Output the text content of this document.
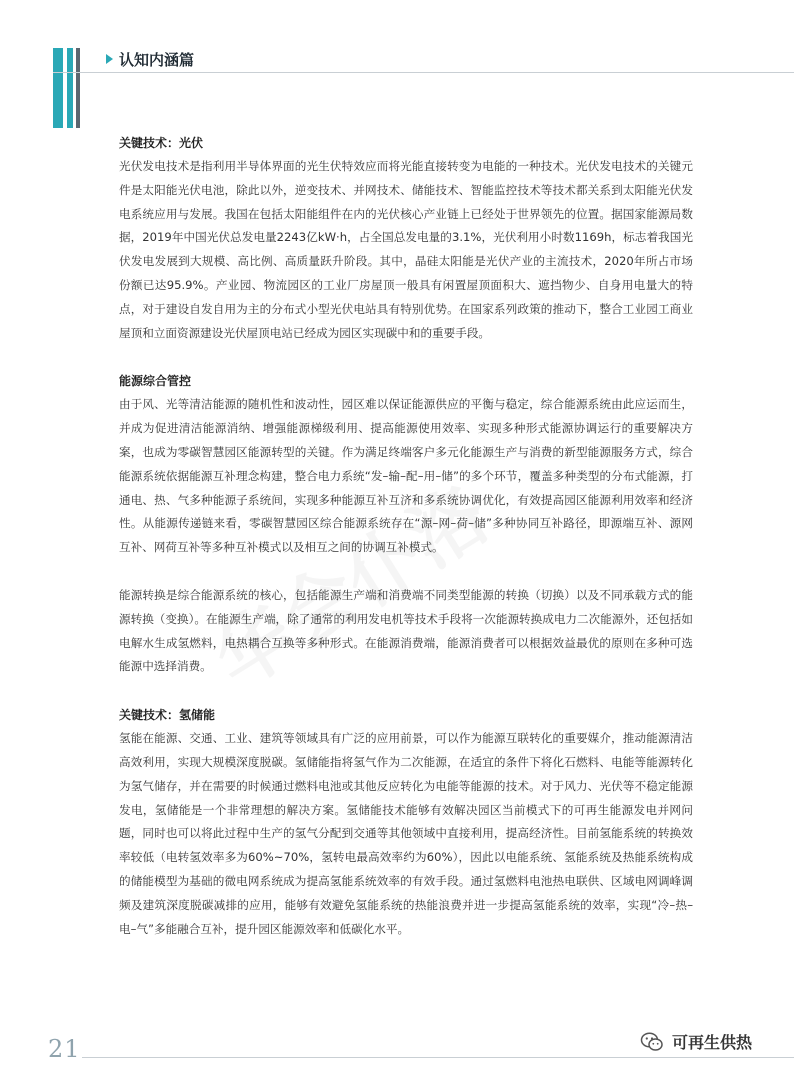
认知内涵篇
关键技术：光伏

光伏发电技术是指利用半导体界面的光生伏特效应而将光能直接转变为电能的一种技术。光伏发电技术的关键元件是太阳能光伏电池，除此以外，逆变技术、并网技术、储能技术、智能监控技术等技术都关系到太阳能光伏发电系统应用与发展。我国在包括太阳能组件在内的光伏核心产业链上已经处于世界领先的位置。据国家能源局数据，2019年中国光伏总发电量2243亿kW·h，占全国总发电量的3.1%，光伏利用小时数1169h，标志着我国光伏发电发展到大规模、高比例、高质量跃升阶段。其中，晶硅太阳能是光伏产业的主流技术，2020年所占市场份额已达95.9%。产业园、物流园区的工业厂房屋顶一般具有闲置屋顶面积大、遮挡物少、自身用电量大的特点，对于建设自发自用为主的分布式小型光伏电站具有特别优势。在国家系列政策的推动下，整合工业园工商业屋顶和立面资源建设光伏屋顶电站已经成为园区实现碳中和的重要手段。

能源综合管控

由于风、光等清洁能源的随机性和波动性，园区难以保证能源供应的平衡与稳定，综合能源系统由此应运而生，并成为促进清洁能源消纳、增强能源梯级利用、提高能源使用效率、实现多种形式能源协调运行的重要解决方案，也成为零碳智慧园区能源转型的关键。作为满足终端客户多元化能源生产与消费的新型能源服务方式，综合能源系统依据能源互补理念构建，整合电力系统“发–输–配–用–储”的多个环节，覆盖多种类型的分布式能源，打通电、热、气多种能源子系统间，实现多种能源互补互济和多系统协调优化，有效提高园区能源利用效率和经济性。从能源传递链来看，零碳智慧园区综合能源系统存在“源–网–荷–储”多种协同互补路径，即源端互补、源网互补、网荷互补等多种互补模式以及相互之间的协调互补模式。

能源转换是综合能源系统的核心，包括能源生产端和消费端不同类型能源的转换（切换）以及不同承载方式的能源转换（变换）。在能源生产端，除了通常的利用发电机等技术手段将一次能源转换成电力二次能源外，还包括如电解水生成氢燃料，电热耦合互换等多种形式。在能源消费端，能源消费者可以根据效益最优的原则在多种可选能源中选择消费。

关键技术：氢储能

氢能在能源、交通、工业、建筑等领域具有广泛的应用前景，可以作为能源互联转化的重要媒介，推动能源清洁高效利用，实现大规模深度脱碳。氢储能指将氢气作为二次能源，在适宜的条件下将化石燃料、电能等能源转化为氢气储存，并在需要的时候通过燃料电池或其他反应转化为电能等能源的技术。对于风力、光伏等不稳定能源发电，氢储能是一个非常理想的解决方案。氢储能技术能够有效解决园区当前模式下的可再生能源发电并网问题，同时也可以将此过程中生产的氢气分配到交通等其他领域中直接利用，提高经济性。目前氢能系统的转换效率较低（电转氢效率多为60%~70%，氢转电最高效率约为60%），因此以电能系统、氢能系统及热能系统构成的储能模型为基础的微电网系统成为提高氢能系统效率的有效手段。通过氢燃料电池热电联供、区域电网调峰调频及建筑深度脱碳减排的应用，能够有效避免氢能系统的热能浪费并进一步提高氢能系统的效率，实现“冷–热–电–气”多能融合互补，提升园区能源效率和低碳化水平。

21	可再生供热
